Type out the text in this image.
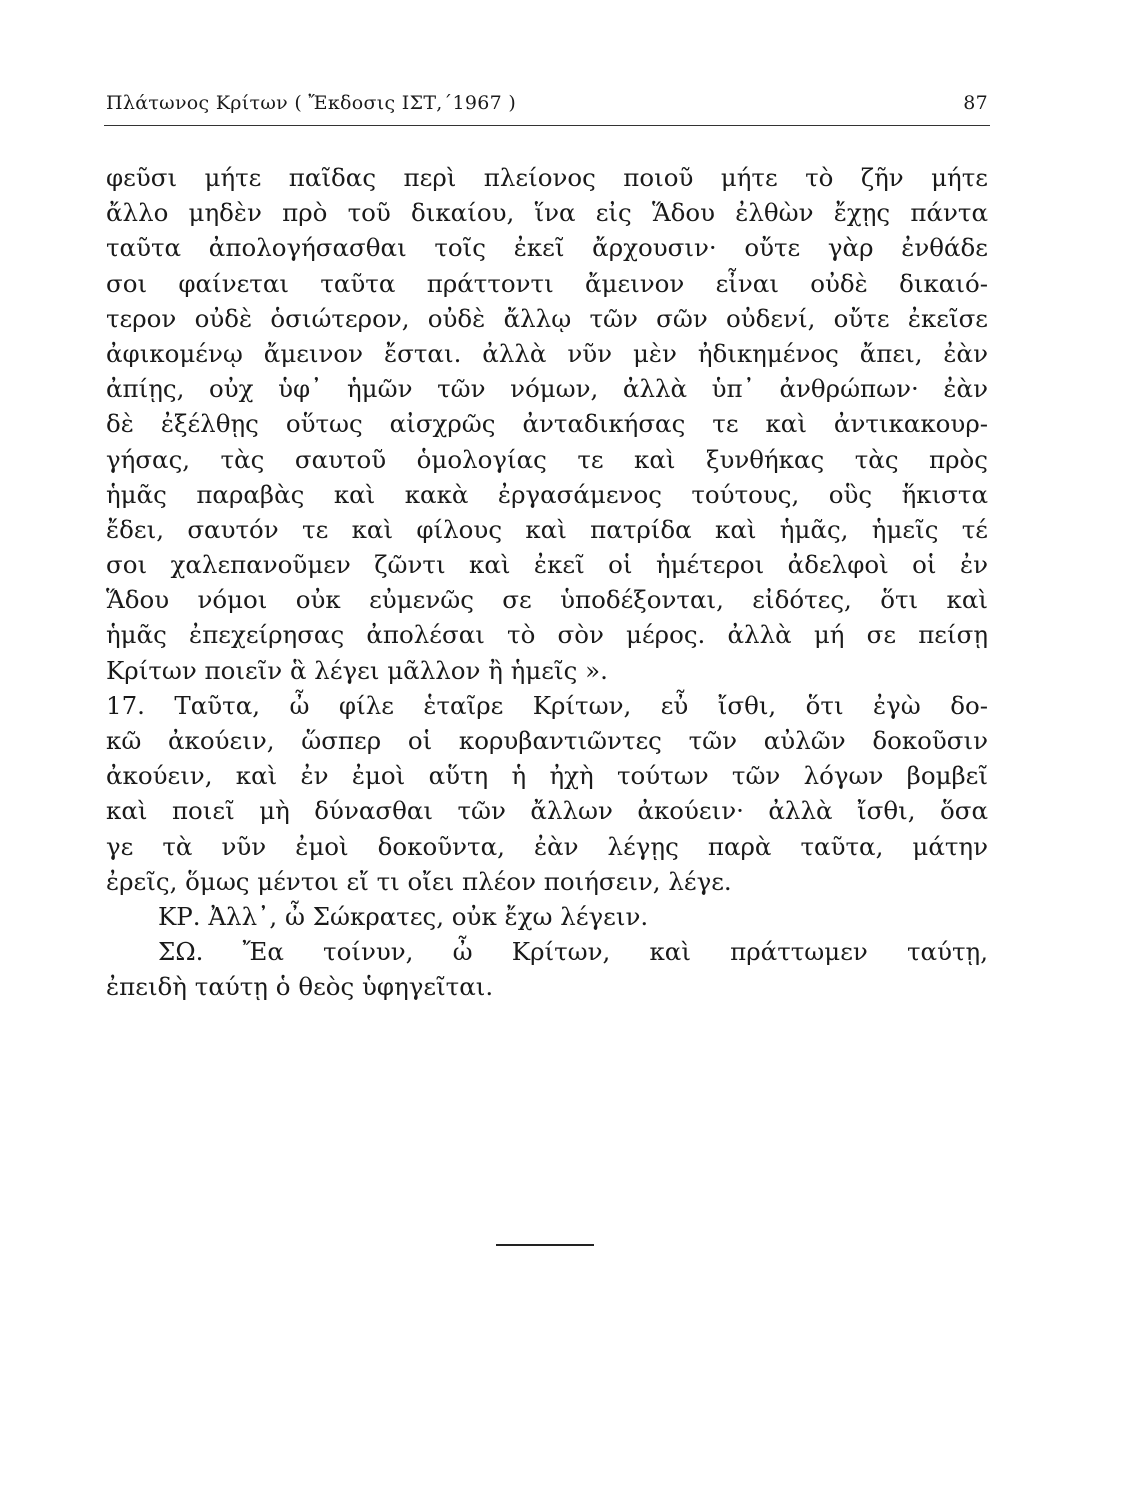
Πλάτωνος Κρίτων ( Ἔκδοσις ΙΣΤ,΄1967 )	87
φεῦσι μήτε παῖδας περὶ πλείονος ποιοῦ μήτε τὸ ζῆν μήτε
ἄλλο μηδὲν πρὸ τοῦ δικαίου, ἵνα εἰς Ἅδου ἐλθὼν ἔχῃς πάντα
ταῦτα ἀπολογήσασθαι τοῖς ἐκεῖ ἄρχουσιν· οὔτε γὰρ ἐνθάδε
σοι φαίνεται ταῦτα πράττοντι ἄμεινον εἶναι οὐδὲ δικαιό-
τερον οὐδὲ ὁσιώτερον, οὐδὲ ἄλλῳ τῶν σῶν οὐδενί, οὔτε ἐκεῖσε
ἀφικομένῳ ἄμεινον ἔσται. ἀλλὰ νῦν μὲν ἠδικημένος ἄπει, ἐὰν
ἀπίῃς, οὐχ ὑφ᾽ ἡμῶν τῶν νόμων, ἀλλὰ ὑπ᾽ ἀνθρώπων· ἐὰν
δὲ ἐξέλθῃς οὕτως αἰσχρῶς ἀνταδικήσας τε καὶ ἀντικακουρ-
γήσας, τὰς σαυτοῦ ὁμολογίας τε καὶ ξυνθήκας τὰς πρὸς
ἡμᾶς παραβὰς καὶ κακὰ ἐργασάμενος τούτους, οὓς ἥκιστα
ἔδει, σαυτόν τε καὶ φίλους καὶ πατρίδα καὶ ἡμᾶς, ἡμεῖς τέ
σοι χαλεπανοῦμεν ζῶντι καὶ ἐκεῖ οἱ ἡμέτεροι ἀδελφοὶ οἱ ἐν
Ἅδου νόμοι οὐκ εὐμενῶς σε ὑποδέξονται, εἰδότες, ὅτι καὶ
ἡμᾶς ἐπεχείρησας ἀπολέσαι τὸ σὸν μέρος. ἀλλὰ μή σε πείσῃ
Κρίτων ποιεῖν ἃ λέγει μᾶλλον ἢ ἡμεῖς ».
17. Ταῦτα, ὦ φίλε ἑταῖρε Κρίτων, εὖ ἴσθι, ὅτι ἐγὼ δο-
κῶ ἀκούειν, ὥσπερ οἱ κορυβαντιῶντες τῶν αὐλῶν δοκοῦσιν
ἀκούειν, καὶ ἐν ἐμοὶ αὕτη ἡ ἠχὴ τούτων τῶν λόγων βομβεῖ
καὶ ποιεῖ μὴ δύνασθαι τῶν ἄλλων ἀκούειν· ἀλλὰ ἴσθι, ὅσα
γε τὰ νῦν ἐμοὶ δοκοῦντα, ἐὰν λέγῃς παρὰ ταῦτα, μάτην
ἐρεῖς, ὅμως μέντοι εἴ τι οἴει πλέον ποιήσειν, λέγε.
ΚΡ. Ἀλλ᾽, ὦ Σώκρατες, οὐκ ἔχω λέγειν.
ΣΩ. Ἔα τοίνυν, ὦ Κρίτων, καὶ πράττωμεν ταύτῃ,
ἐπειδὴ ταύτῃ ὁ θεὸς ὑφηγεῖται.
